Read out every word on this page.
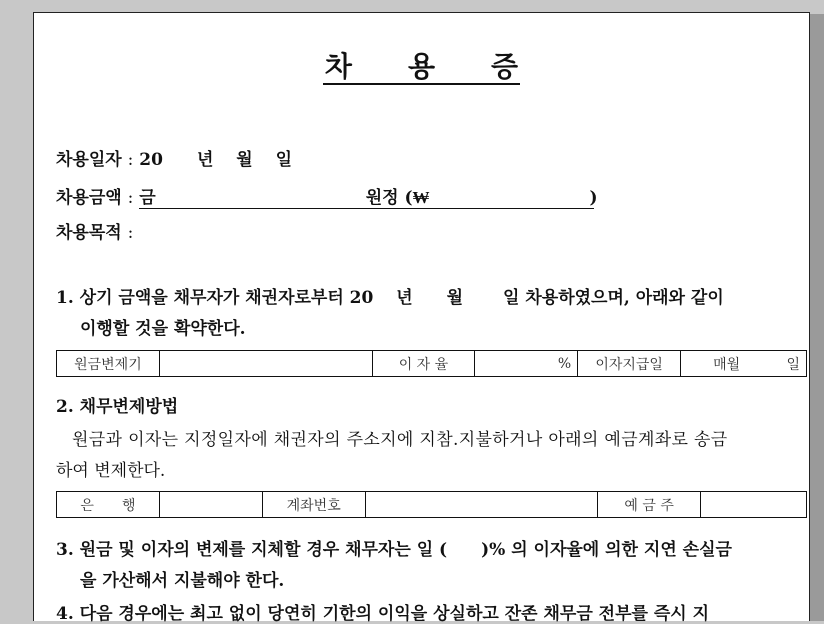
차　　용　　증
차용일자 : 20　　년　 월　 일
차용금액 : 금	원정 (₩	)
차용목적 :
1. 상기 금액을 채무자가 채권자로부터 20　 년　　월　　 일 차용하였으며, 아래와 같이
이행할 것을 확약한다.
원금변제기		이 자 율	%	이자지급일	매월	일
2. 채무변제방법
원금과 이자는 지정일자에 채권자의 주소지에 지참.지불하거나 아래의 예금계좌로 송금
하여 변제한다.
은　　행		계좌번호		예 금 주	
3. 원금 및 이자의 변제를 지체할 경우 채무자는 일 (　　)% 의 이자율에 의한 지연 손실금
을 가산해서 지불해야 한다.
4. 다음 경우에는 최고 없이 당연히 기한의 이익을 상실하고 잔존 채무금 전부를 즉시 지
